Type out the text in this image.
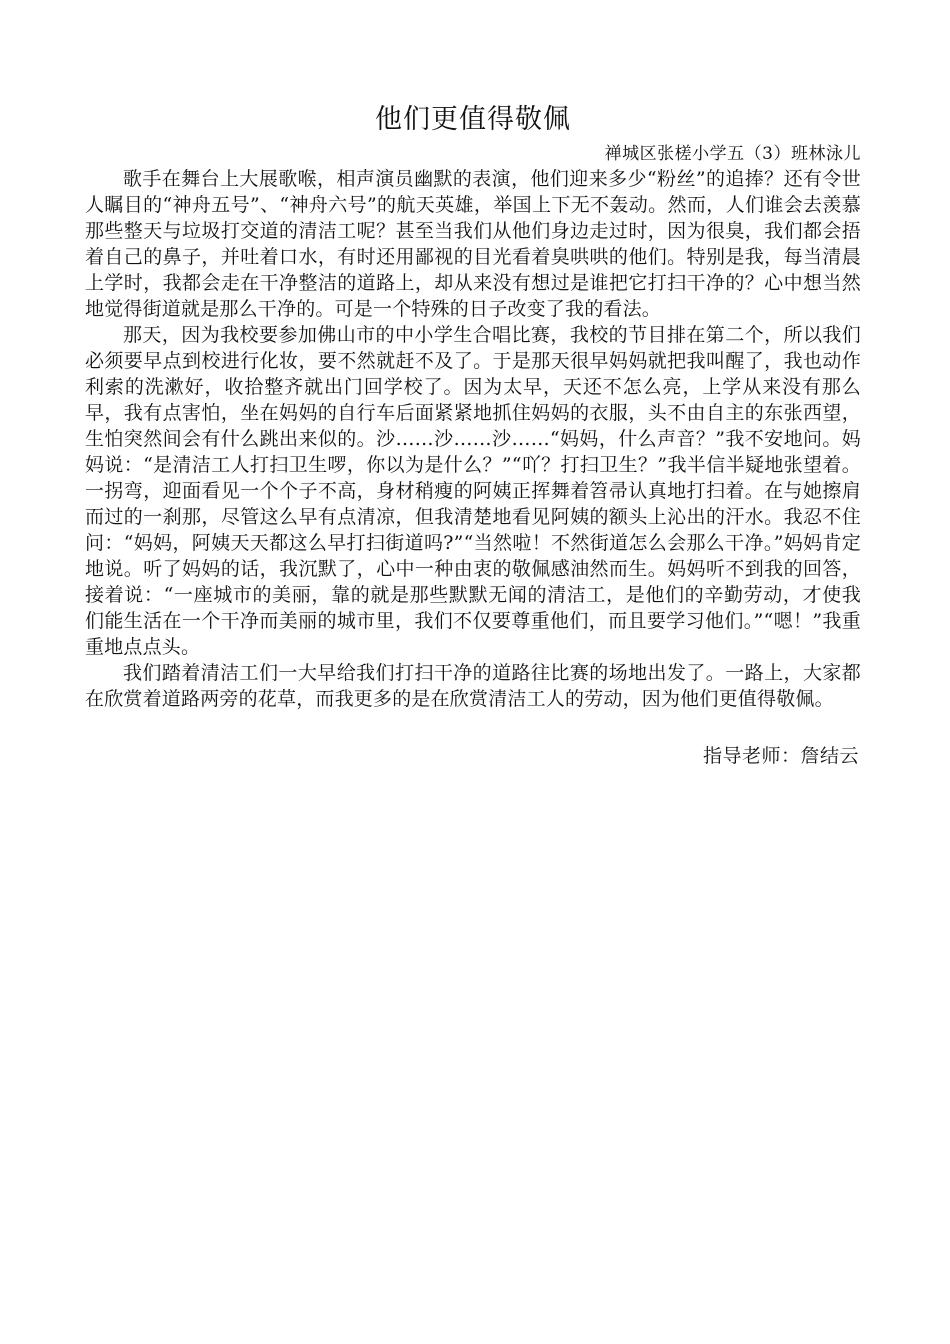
他们更值得敬佩

禅城区张槎小学五（3）班林泳儿

歌手在舞台上大展歌喉，相声演员幽默的表演，他们迎来多少“粉丝”的追捧？还有令世人瞩目的“神舟五号”、“神舟六号”的航天英雄，举国上下无不轰动。然而，人们谁会去羡慕那些整天与垃圾打交道的清洁工呢？甚至当我们从他们身边走过时，因为很臭，我们都会捂着自己的鼻子，并吐着口水，有时还用鄙视的目光看着臭哄哄的他们。特别是我，每当清晨上学时，我都会走在干净整洁的道路上，却从来没有想过是谁把它打扫干净的？心中想当然地觉得街道就是那么干净的。可是一个特殊的日子改变了我的看法。

那天，因为我校要参加佛山市的中小学生合唱比赛，我校的节目排在第二个，所以我们必须要早点到校进行化妆，要不然就赶不及了。于是那天很早妈妈就把我叫醒了，我也动作利索的洗漱好，收拾整齐就出门回学校了。因为太早，天还不怎么亮，上学从来没有那么早，我有点害怕，坐在妈妈的自行车后面紧紧地抓住妈妈的衣服，头不由自主的东张西望，生怕突然间会有什么跳出来似的。沙……沙……沙……“妈妈，什么声音？”我不安地问。妈妈说：“是清洁工人打扫卫生啰，你以为是什么？”“吖？打扫卫生？”我半信半疑地张望着。一拐弯，迎面看见一个个子不高，身材稍瘦的阿姨正挥舞着笤帚认真地打扫着。在与她擦肩而过的一刹那，尽管这么早有点清凉，但我清楚地看见阿姨的额头上沁出的汗水。我忍不住问：“妈妈，阿姨天天都这么早打扫街道吗?”“当然啦！不然街道怎么会那么干净。”妈妈肯定地说。听了妈妈的话，我沉默了，心中一种由衷的敬佩感油然而生。妈妈听不到我的回答，接着说：“一座城市的美丽，靠的就是那些默默无闻的清洁工，是他们的辛勤劳动，才使我们能生活在一个干净而美丽的城市里，我们不仅要尊重他们，而且要学习他们。”“嗯！”我重重地点点头。

我们踏着清洁工们一大早给我们打扫干净的道路往比赛的场地出发了。一路上，大家都在欣赏着道路两旁的花草，而我更多的是在欣赏清洁工人的劳动，因为他们更值得敬佩。

指导老师：詹结云
